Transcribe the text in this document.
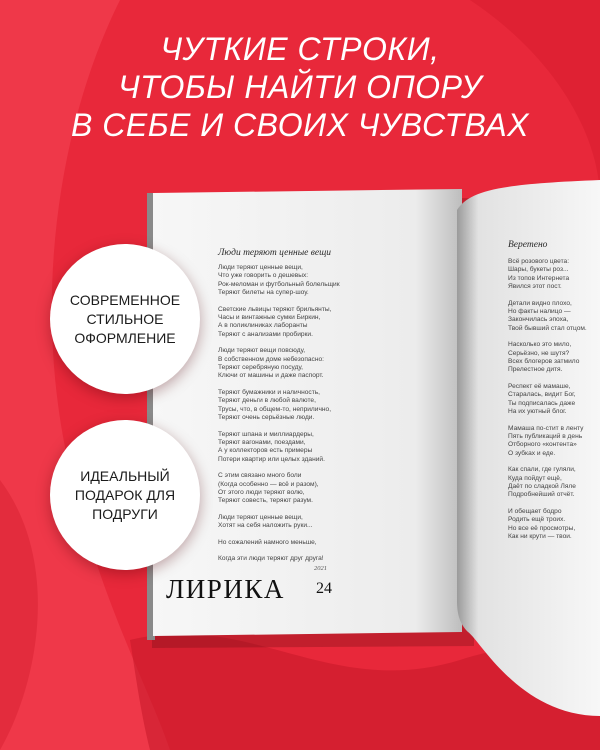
ЧУТКИЕ СТРОКИ,
ЧТОБЫ НАЙТИ ОПОРУ
В СЕБЕ И СВОИХ ЧУВСТВАХ
Люди теряют ценные вещи
Люди теряют ценные вещи,
Что уже говорить о дешевых:
Рок-меломан и футбольный болельщик
Теряют билеты на супер-шоу.
Светские львицы теряют брильянты,
Часы и винтажные сумки Биркин,
А в поликлиниках лаборанты
Теряют с анализами пробирки.
Люди теряют вещи повсюду,
В собственном доме небезопасно:
Теряют серебряную посуду,
Ключи от машины и даже паспорт.
Теряют бумажники и наличность,
Теряют деньги в любой валюте,
Трусы, что, в общем-то, неприлично,
Теряют очень серьёзные люди.
Теряют шпана и миллиардеры,
Теряют вагонами, поездами,
А у коллекторов есть примеры
Потери квартир или целых зданий.
С этим связано много боли
(Когда особенно — всё и разом),
От этого люди теряют волю,
Теряют совесть, теряют разум.
Люди теряют ценные вещи,
Хотят на себя наложить руки...
Но сожалений намного меньше,
Когда эти люди теряют друг друга!
2021
ЛИРИКА 24
Веретено
Всё розового цвета:
Шары, букеты роз...
Из топов Интернета
Явился этот пост.
Детали видно плохо,
Но факты налицо —
Закончилась эпоха,
Твой бывший стал отцом.
Насколько это мило,
Серьёзно, не шутя?
Всех блогеров затмило
Прелестное дитя.
Респект её мамаше,
Старалась, видит Бог,
Ты подписалась даже
На их уютный блог.
Мамаша по-стит в ленту
Пять публикаций в день
Отборного «контента»
О зубках и еде.
Как спали, где гуляли,
Куда пойдут ещё,
Даёт по сладкой Ляле
Подробнейший отчёт.
И обещает бодро
Родить ещё троих.
Но все её просмотры,
Как ни крути — твои.
СОВРЕМЕННОЕ
СТИЛЬНОЕ
ОФОРМЛЕНИЕ
ИДЕАЛЬНЫЙ
ПОДАРОК ДЛЯ
ПОДРУГИ
